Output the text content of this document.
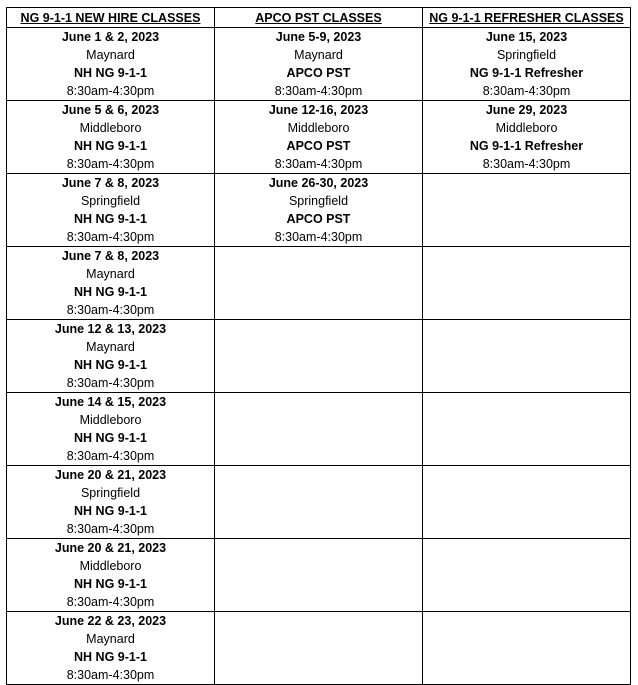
NG 9-1-1 NEW HIRE CLASSES	APCO PST CLASSES	NG 9-1-1 REFRESHER CLASSES

June 1 & 2, 2023
Maynard
NH NG 9-1-1
8:30am-4:30pm	June 5-9, 2023
Maynard
APCO PST
8:30am-4:30pm	June 15, 2023
Springfield
NG 9-1-1 Refresher
8:30am-4:30pm

June 5 & 6, 2023
Middleboro
NH NG 9-1-1
8:30am-4:30pm	June 12-16, 2023
Middleboro
APCO PST
8:30am-4:30pm	June 29, 2023
Middleboro
NG 9-1-1 Refresher
8:30am-4:30pm

June 7 & 8, 2023
Springfield
NH NG 9-1-1
8:30am-4:30pm	June 26-30, 2023
Springfield
APCO PST
8:30am-4:30pm	

June 7 & 8, 2023
Maynard
NH NG 9-1-1
8:30am-4:30pm		

June 12 & 13, 2023
Maynard
NH NG 9-1-1
8:30am-4:30pm		

June 14 & 15, 2023
Middleboro
NH NG 9-1-1
8:30am-4:30pm		

June 20 & 21, 2023
Springfield
NH NG 9-1-1
8:30am-4:30pm		

June 20 & 21, 2023
Middleboro
NH NG 9-1-1
8:30am-4:30pm		

June 22 & 23, 2023
Maynard
NH NG 9-1-1
8:30am-4:30pm		
